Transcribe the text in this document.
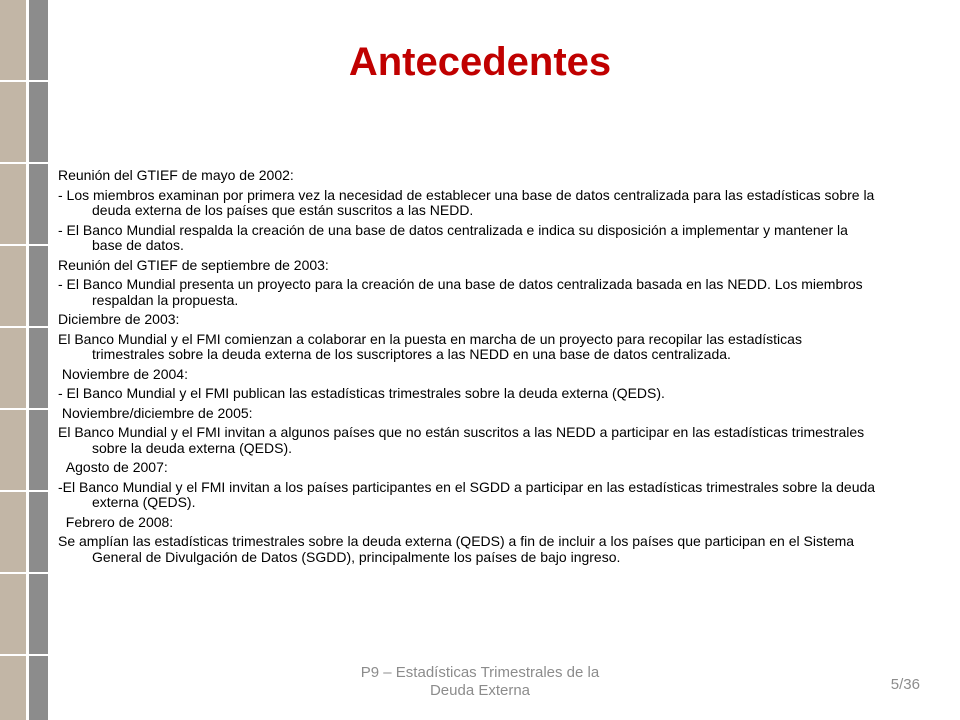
Antecedentes

Reunión del GTIEF de mayo de 2002:

- Los miembros examinan por primera vez la necesidad de establecer una base de datos centralizada para las estadísticas sobre la deuda externa de los países que están suscritos a las NEDD.

- El Banco Mundial respalda la creación de una base de datos centralizada e indica su disposición a implementar y mantener la base de datos.

Reunión del GTIEF de septiembre de 2003:

- El Banco Mundial presenta un proyecto para la creación de una base de datos centralizada basada en las NEDD. Los miembros respaldan la propuesta.

Diciembre de 2003:

El Banco Mundial y el FMI comienzan a colaborar en la puesta en marcha de un proyecto para recopilar las estadísticas trimestrales sobre la deuda externa de los suscriptores a las NEDD en una base de datos centralizada.

Noviembre de 2004:

- El Banco Mundial y el FMI publican las estadísticas trimestrales sobre la deuda externa (QEDS).

Noviembre/diciembre de 2005:

El Banco Mundial y el FMI invitan a algunos países que no están suscritos a las NEDD a participar en las estadísticas trimestrales sobre la deuda externa (QEDS).

Agosto de 2007:

-El Banco Mundial y el FMI invitan a los países participantes en el SGDD a participar en las estadísticas trimestrales sobre la deuda externa (QEDS).

Febrero de 2008:

Se amplían las estadísticas trimestrales sobre la deuda externa (QEDS) a fin de incluir a los países que participan en el Sistema General de Divulgación de Datos (SGDD), principalmente los países de bajo ingreso.

P9 – Estadísticas Trimestrales de la Deuda Externa	5/36
